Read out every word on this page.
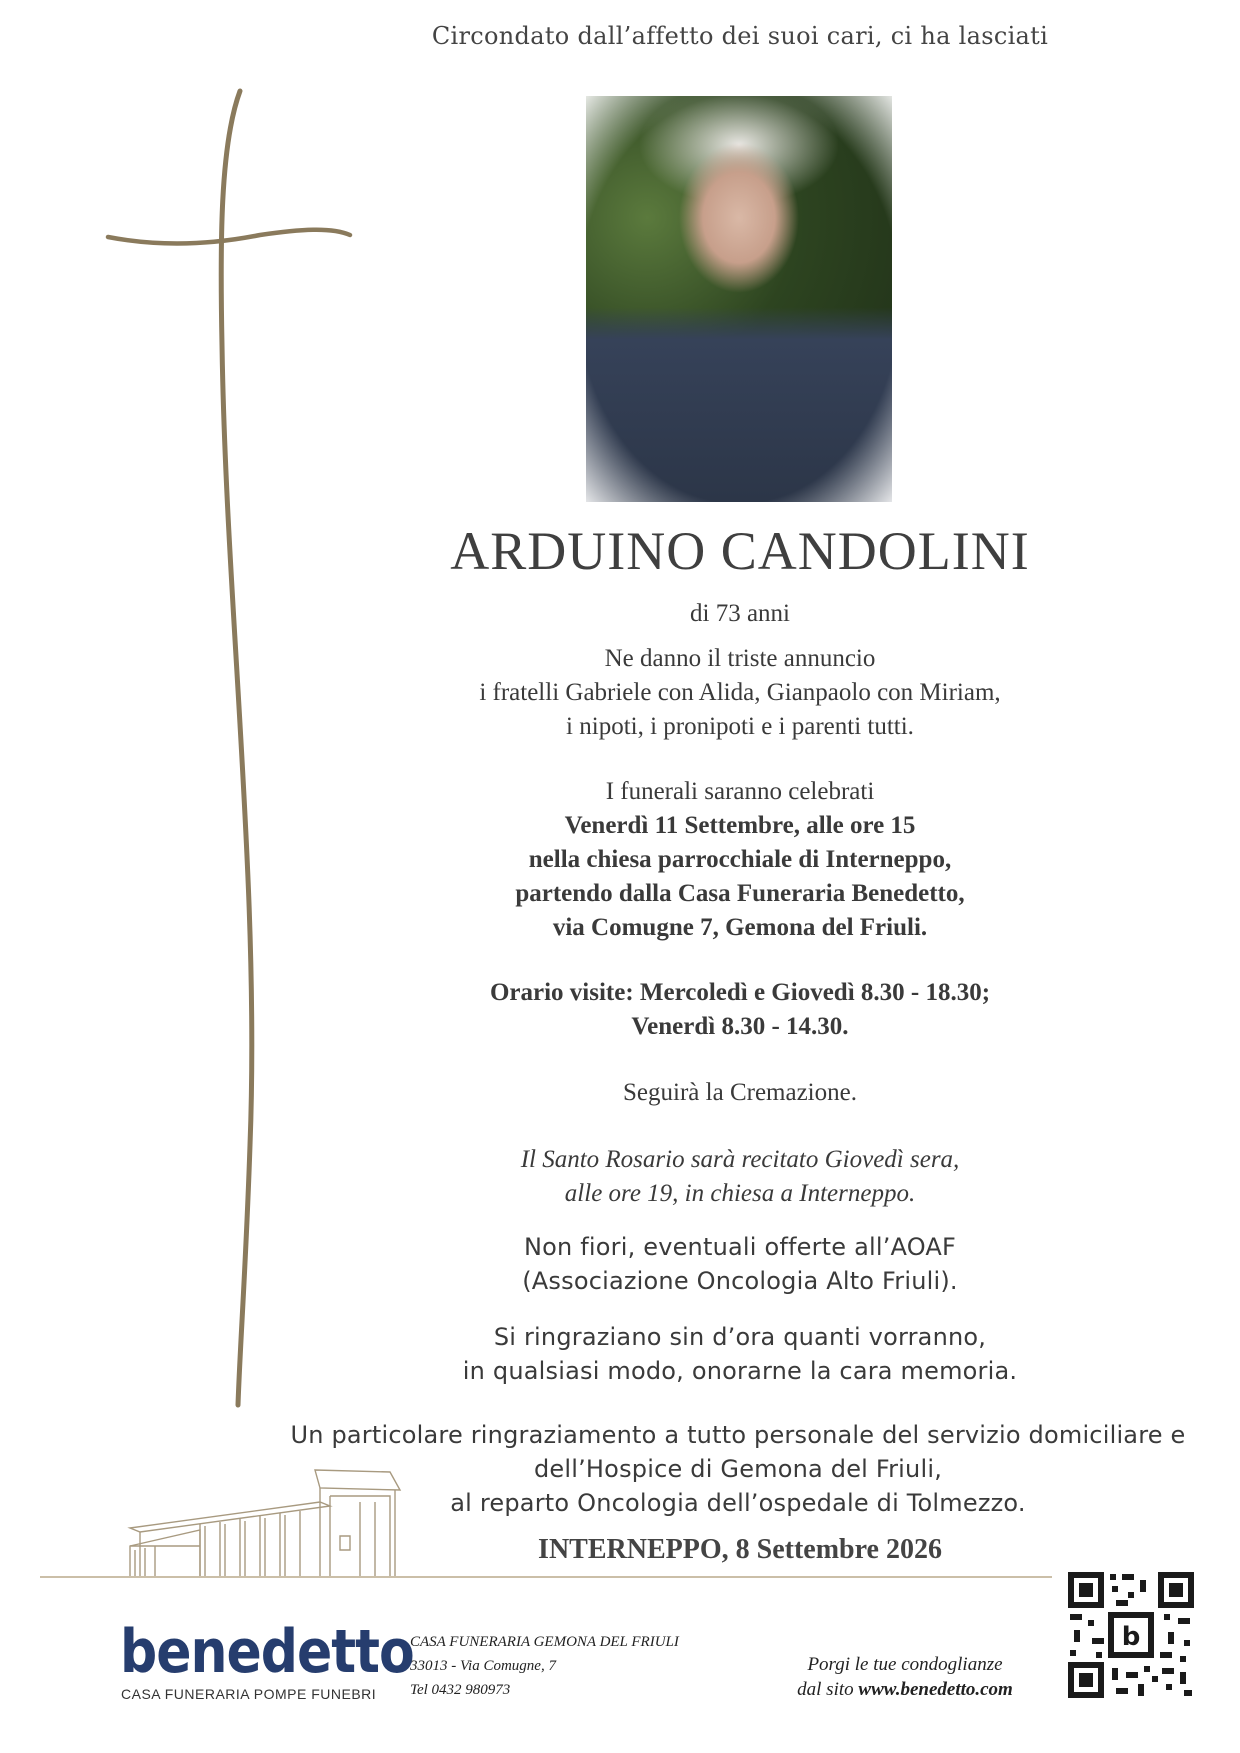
Circondato dall’affetto dei suoi cari, ci ha lasciati
ARDUINO CANDOLINI
di 73 anni
Ne danno il triste annuncio
i fratelli Gabriele con Alida, Gianpaolo con Miriam,
i nipoti, i pronipoti e i parenti tutti.
I funerali saranno celebrati
Venerdì 11 Settembre, alle ore 15
nella chiesa parrocchiale di Interneppo,
partendo dalla Casa Funeraria Benedetto,
via Comugne 7, Gemona del Friuli.
Orario visite: Mercoledì e Giovedì 8.30 - 18.30;
Venerdì 8.30 - 14.30.
Seguirà la Cremazione.
Il Santo Rosario sarà recitato Giovedì sera,
alle ore 19, in chiesa a Interneppo.
Non fiori, eventuali offerte all’AOAF
(Associazione Oncologia Alto Friuli).
Si ringraziano sin d’ora quanti vorranno,
in qualsiasi modo, onorarne la cara memoria.
Un particolare ringraziamento a tutto personale del servizio domiciliare e
dell’Hospice di Gemona del Friuli,
al reparto Oncologia dell’ospedale di Tolmezzo.
INTERNEPPO, 8 Settembre 2026
benedetto
CASA FUNERARIA POMPE FUNEBRI
CASA FUNERARIA GEMONA DEL FRIULI
33013 - Via Comugne, 7
Tel 0432 980973
Porgi le tue condoglianze
dal sito www.benedetto.com
b
